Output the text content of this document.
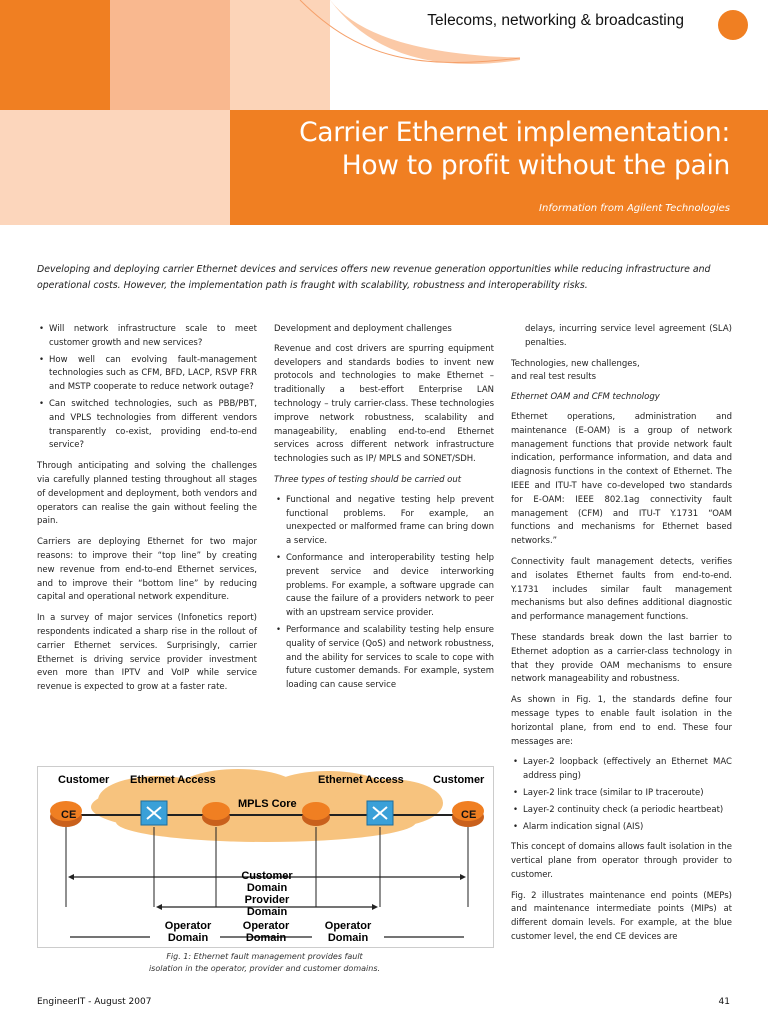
Telecoms, networking & broadcasting
Carrier Ethernet implementation:
How to profit without the pain
Information from Agilent Technologies
Developing and deploying carrier Ethernet devices and services offers new revenue generation opportunities while reducing infrastructure and operational costs. However, the implementation path is fraught with scalability, robustness and interoperability risks.
• Will network infrastructure scale to meet customer growth and new services?
• How well can evolving fault-management technologies such as CFM, BFD, LACP, RSVP FRR and MSTP cooperate to reduce network outage?
• Can switched technologies, such as PBB/PBT, and VPLS technologies from different vendors transparently co-exist, providing end-to-end service?

Through anticipating and solving the challenges via carefully planned testing throughout all stages of development and deployment, both vendors and operators can realise the gain without feeling the pain.

Carriers are deploying Ethernet for two major reasons: to improve their “top line” by creating new revenue from end-to-end Ethernet services, and to improve their “bottom line” by reducing capital and operational network expenditure.

In a survey of major services (Infonetics report) respondents indicated a sharp rise in the rollout of carrier Ethernet services. Surprisingly, carrier Ethernet is driving service provider investment even more than IPTV and VoIP while service revenue is expected to grow at a faster rate.

Development and deployment challenges

Revenue and cost drivers are spurring equipment developers and standards bodies to invent new protocols and technologies to make Ethernet – traditionally a best-effort Enterprise LAN technology – truly carrier-class. These technologies improve network robustness, scalability and manageability, enabling end-to-end Ethernet services across different network infrastructure technologies such as IP/ MPLS and SONET/SDH.

Three types of testing should be carried out
• Functional and negative testing help prevent functional problems. For example, an unexpected or malformed frame can bring down a service.
• Conformance and interoperability testing help prevent service and device interworking problems. For example, a software upgrade can cause the failure of a providers network to peer with an upstream service provider.
• Performance and scalability testing help ensure quality of service (QoS) and network robustness, and the ability for services to scale to cope with future customer demands. For example, system loading can cause service

delays, incurring service level agreement (SLA) penalties.

Technologies, new challenges,
and real test results
Ethernet OAM and CFM technology

Ethernet operations, administration and maintenance (E-OAM) is a group of network management functions that provide network fault indication, performance information, and data and diagnosis functions in the context of Ethernet. The IEEE and ITU-T have co-developed two standards for E-OAM: IEEE 802.1ag connectivity fault management (CFM) and ITU-T Y.1731 “OAM functions and mechanisms for Ethernet based networks.”

Connectivity fault management detects, verifies and isolates Ethernet faults from end-to-end. Y.1731 includes similar fault management mechanisms but also defines additional diagnostic and performance management functions.

These standards break down the last barrier to Ethernet adoption as a carrier-class technology in that they provide OAM mechanisms to ensure network manageability and robustness.

As shown in Fig. 1, the standards define four message types to enable fault isolation in the horizontal plane, from end to end. These four messages are:

• Layer-2 loopback (effectively an Ethernet MAC address ping)
• Layer-2 link trace (similar to IP traceroute)
• Layer-2 continuity check (a periodic heartbeat)
• Alarm indication signal (AIS)

This concept of domains allows fault isolation in the vertical plane from operator through provider to customer.

Fig. 2 illustrates maintenance end points (MEPs) and maintenance intermediate points (MIPs) at different domain levels. For example, at the blue customer level, the end CE devices are

Customer Ethernet Access
MPLS Core
Ethernet Access	Customer
CE	CE
Customer
Domain
Provider
Domain
Operator
Domain
Operator
Domain
Operator
Domain
Fig. 1: Ethernet fault management provides fault
isolation in the operator, provider and customer domains.
EngineerIT - August 2007	41
